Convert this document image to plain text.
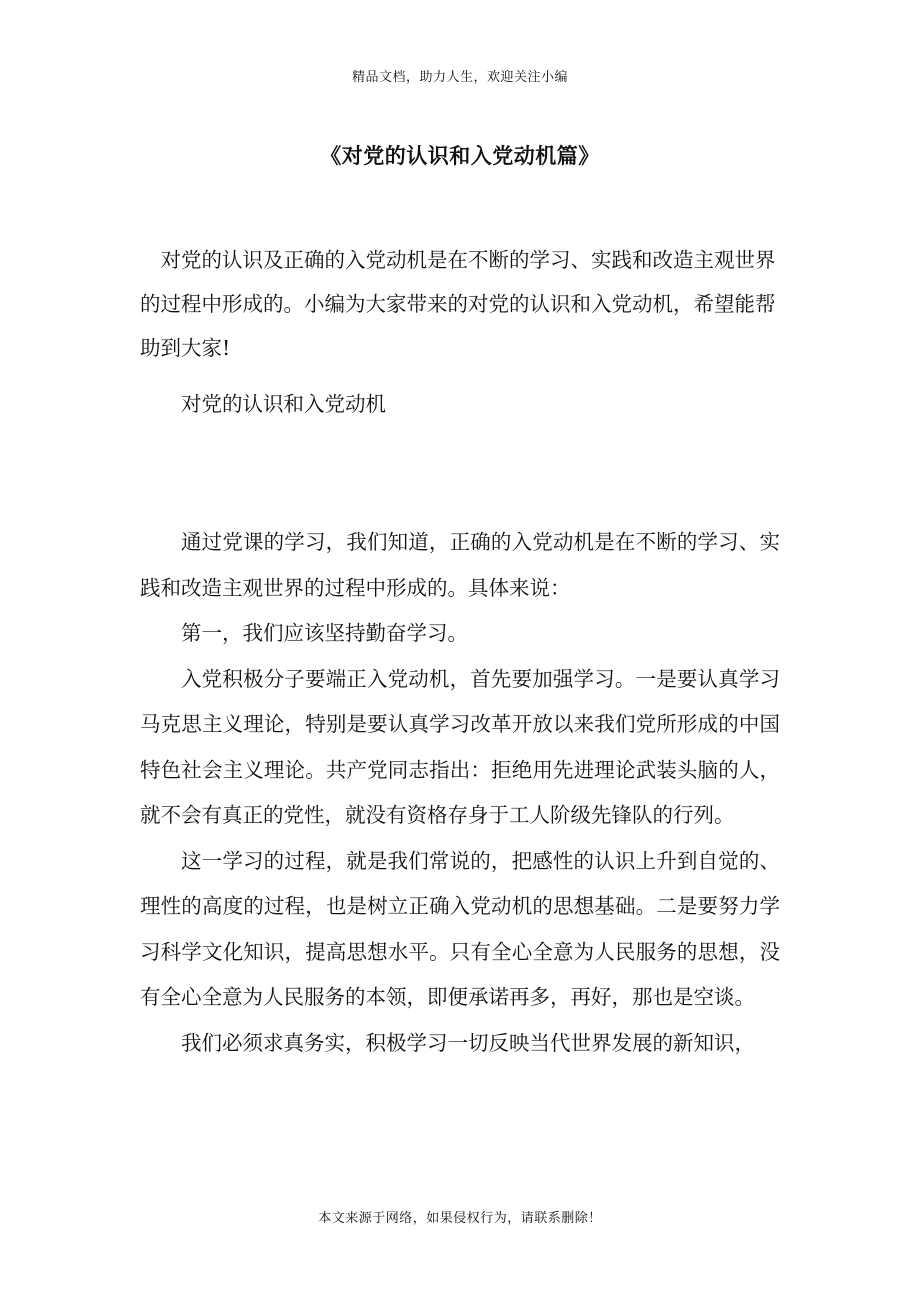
精品文档，助力人生，欢迎关注小编
《对党的认识和入党动机篇》

对党的认识及正确的入党动机是在不断的学习、实践和改造主观世界的过程中形成的。小编为大家带来的对党的认识和入党动机，希望能帮助到大家!

对党的认识和入党动机

通过党课的学习，我们知道，正确的入党动机是在不断的学习、实践和改造主观世界的过程中形成的。具体来说：

第一，我们应该坚持勤奋学习。

入党积极分子要端正入党动机，首先要加强学习。一是要认真学习马克思主义理论，特别是要认真学习改革开放以来我们党所形成的中国特色社会主义理论。共产党同志指出：拒绝用先进理论武装头脑的人，就不会有真正的党性，就没有资格存身于工人阶级先锋队的行列。

这一学习的过程，就是我们常说的，把感性的认识上升到自觉的、理性的高度的过程，也是树立正确入党动机的思想基础。二是要努力学习科学文化知识，提高思想水平。只有全心全意为人民服务的思想，没有全心全意为人民服务的本领，即便承诺再多，再好，那也是空谈。

我们必须求真务实，积极学习一切反映当代世界发展的新知识，

本文来源于网络，如果侵权行为，请联系删除！
